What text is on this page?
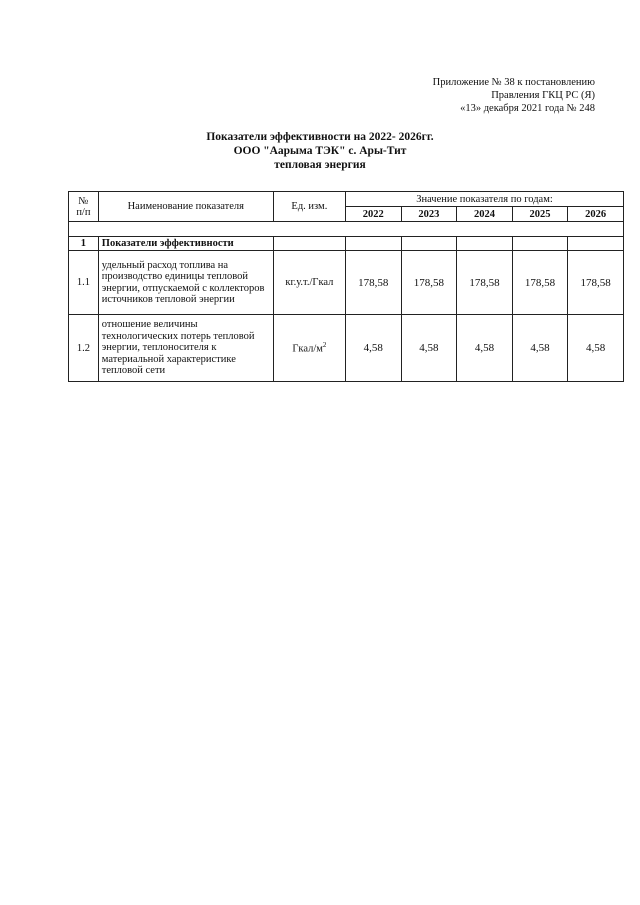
Приложение № 38 к постановлению
Правления ГКЦ РС (Я)
«13» декабря 2021 года № 248
Показатели эффективности на 2022- 2026гг.
ООО "Аарыма ТЭК" с. Ары-Тит
тепловая энергия
№
п/п	Наименование показателя	Ед. изм.	Значение показателя по годам:				
			2022	2023	2024	2025	2026

1	Показатели эффективности						
1.1	удельный расход топлива на производство единицы тепловой энергии, отпускаемой с коллекторов источников тепловой энергии	кг.у.т./Гкал	178,58	178,58	178,58	178,58	178,58
1.2	отношение величины технологических потерь тепловой энергии, теплоносителя к материальной характеристике тепловой сети	Гкал/$м^2$	4,58	4,58	4,58	4,58	4,58
